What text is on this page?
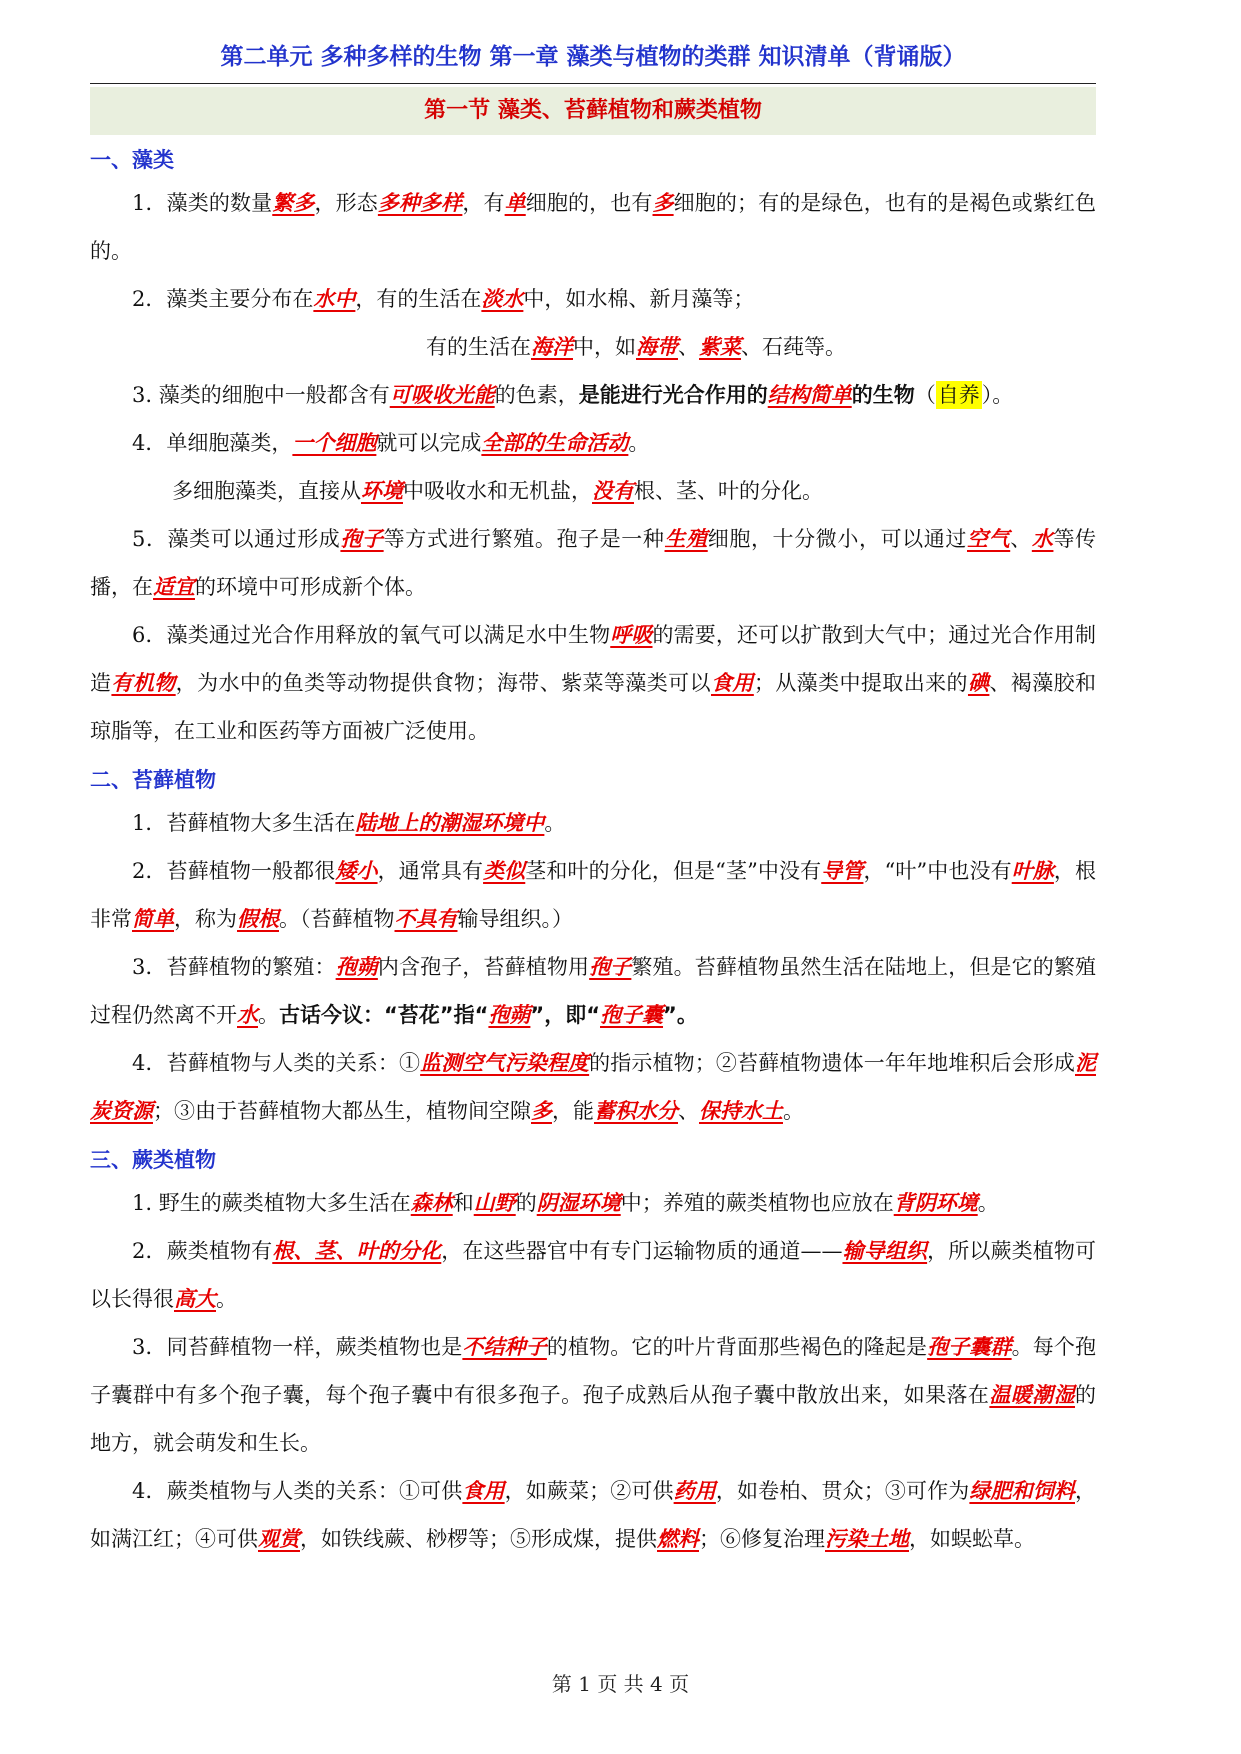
第二单元 多种多样的生物 第一章 藻类与植物的类群 知识清单（背诵版）
第一节 藻类、苔藓植物和蕨类植物
一、藻类

1．藻类的数量繁多，形态多种多样，有单细胞的，也有多细胞的；有的是绿色，也有的是褐色或紫红色的。

2．藻类主要分布在水中，有的生活在淡水中，如水棉、新月藻等；

有的生活在海洋中，如海带、紫菜、石莼等。

3. 藻类的细胞中一般都含有可吸收光能的色素，是能进行光合作用的结构简单的生物（自养）。

4．单细胞藻类，一个细胞就可以完成全部的生命活动。

多细胞藻类，直接从环境中吸收水和无机盐，没有根、茎、叶的分化。

5．藻类可以通过形成孢子等方式进行繁殖。孢子是一种生殖细胞，十分微小，可以通过空气、水等传播，在适宜的环境中可形成新个体。

6．藻类通过光合作用释放的氧气可以满足水中生物呼吸的需要，还可以扩散到大气中；通过光合作用制造有机物，为水中的鱼类等动物提供食物；海带、紫菜等藻类可以食用；从藻类中提取出来的碘、褐藻胶和琼脂等，在工业和医药等方面被广泛使用。

二、苔藓植物

1．苔藓植物大多生活在陆地上的潮湿环境中。

2．苔藓植物一般都很矮小，通常具有类似茎和叶的分化，但是“茎”中没有导管，“叶”中也没有叶脉，根非常简单，称为假根。（苔藓植物不具有输导组织。）

3．苔藓植物的繁殖：孢蒴内含孢子，苔藓植物用孢子繁殖。苔藓植物虽然生活在陆地上，但是它的繁殖过程仍然离不开水。古话今议：“苔花”指“孢蒴”，即“孢子囊”。

4．苔藓植物与人类的关系：①监测空气污染程度的指示植物；②苔藓植物遗体一年年地堆积后会形成泥炭资源；③由于苔藓植物大都丛生，植物间空隙多，能蓄积水分、保持水土。

三、蕨类植物

1. 野生的蕨类植物大多生活在森林和山野的阴湿环境中；养殖的蕨类植物也应放在背阴环境。

2．蕨类植物有根、茎、叶的分化，在这些器官中有专门运输物质的通道——输导组织，所以蕨类植物可以长得很高大。

3．同苔藓植物一样，蕨类植物也是不结种子的植物。它的叶片背面那些褐色的隆起是孢子囊群。每个孢子囊群中有多个孢子囊，每个孢子囊中有很多孢子。孢子成熟后从孢子囊中散放出来，如果落在温暖潮湿的地方，就会萌发和生长。

4．蕨类植物与人类的关系：①可供食用，如蕨菜；②可供药用，如卷柏、贯众；③可作为绿肥和饲料，如满江红；④可供观赏，如铁线蕨、桫椤等；⑤形成煤，提供燃料；⑥修复治理污染土地，如蜈蚣草。

第 1 页 共 4 页
